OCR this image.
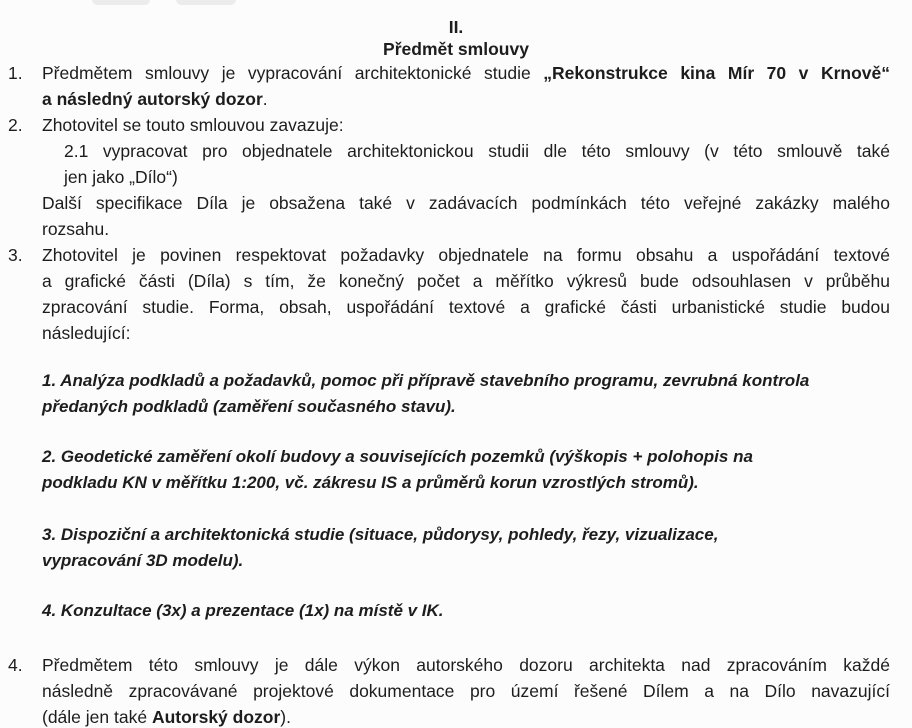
II.
Předmět smlouvy
1.	Předmětem smlouvy je vypracování architektonické studie „Rekonstrukce kina Mír 70 v Krnově“
a následný autorský dozor.
2.	Zhotovitel se touto smlouvou zavazuje:
2.1 vypracovat pro objednatele architektonickou studii dle této smlouvy (v této smlouvě také
jen jako „Dílo“)
Další specifikace Díla je obsažena také v zadávacích podmínkách této veřejné zakázky malého
rozsahu.
3.	Zhotovitel je povinen respektovat požadavky objednatele na formu obsahu a uspořádání textové
a grafické části (Díla) s tím, že konečný počet a měřítko výkresů bude odsouhlasen v průběhu
zpracování studie. Forma, obsah, uspořádání textové a grafické části urbanistické studie budou
následující:
1. Analýza podkladů a požadavků, pomoc při přípravě stavebního programu, zevrubná kontrola
předaných podkladů (zaměření současného stavu).
2. Geodetické zaměření okolí budovy a souvisejících pozemků (výškopis + polohopis na
podkladu KN v měřítku 1:200, vč. zákresu IS a průměrů korun vzrostlých stromů).
3. Dispoziční a architektonická studie (situace, půdorysy, pohledy, řezy, vizualizace,
vypracování 3D modelu).
4. Konzultace (3x) a prezentace (1x) na místě v IK.
4.	Předmětem této smlouvy je dále výkon autorského dozoru architekta nad zpracováním každé
následně zpracovávané projektové dokumentace pro území řešené Dílem a na Dílo navazující
(dále jen také Autorský dozor).
